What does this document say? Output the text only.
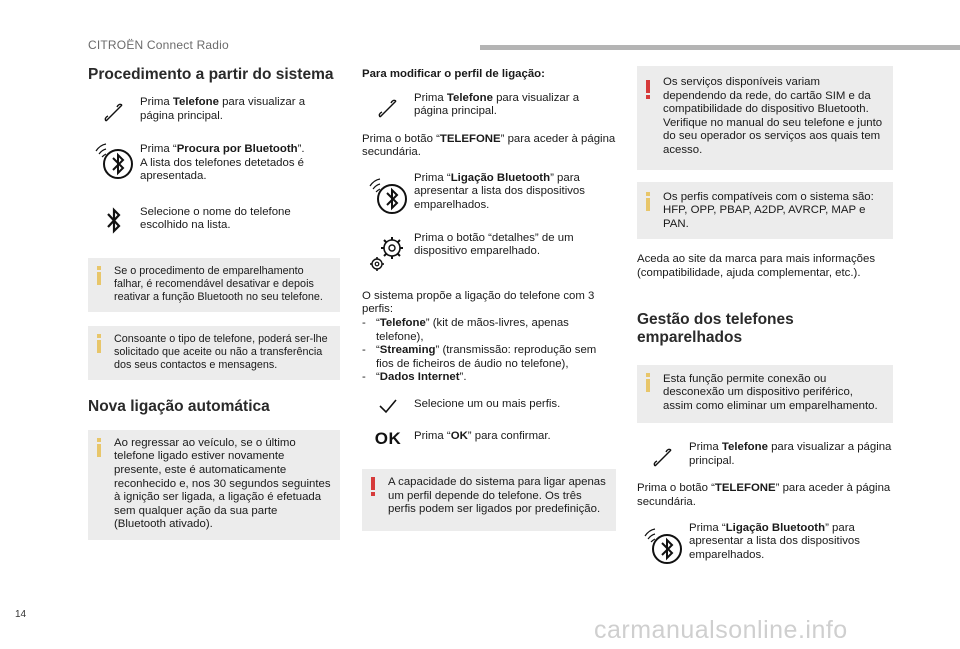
CITROËN Connect Radio
Procedimento a partir do sistema
Prima Telefone para visualizar a página principal.
Prima “Procura por Bluetooth”.
A lista dos telefones detetados é apresentada.
Selecione o nome do telefone escolhido na lista.
Se o procedimento de emparelhamento falhar, é recomendável desativar e depois reativar a função Bluetooth no seu telefone.
Consoante o tipo de telefone, poderá ser-lhe solicitado que aceite ou não a transferência dos seus contactos e mensagens.
Nova ligação automática
Ao regressar ao veículo, se o último telefone ligado estiver novamente presente, este é automaticamente reconhecido e, nos 30 segundos seguintes à ignição ser ligada, a ligação é efetuada sem qualquer ação da sua parte (Bluetooth ativado).
Para modificar o perfil de ligação:
Prima Telefone para visualizar a página principal.
Prima o botão “TELEFONE” para aceder à página secundária.
Prima “Ligação Bluetooth” para apresentar a lista dos dispositivos emparelhados.
Prima o botão “detalhes” de um dispositivo emparelhado.
O sistema propõe a ligação do telefone com 3 perfis:
- “Telefone” (kit de mãos-livres, apenas telefone),
- “Streaming” (transmissão: reprodução sem fios de ficheiros de áudio no telefone),
- “Dados Internet”.
Selecione um ou mais perfis.
OK Prima “OK” para confirmar.
A capacidade do sistema para ligar apenas um perfil depende do telefone. Os três perfis podem ser ligados por predefinição.
Os serviços disponíveis variam dependendo da rede, do cartão SIM e da compatibilidade do dispositivo Bluetooth. Verifique no manual do seu telefone e junto do seu operador os serviços aos quais tem acesso.
Os perfis compatíveis com o sistema são: HFP, OPP, PBAP, A2DP, AVRCP, MAP e PAN.
Aceda ao site da marca para mais informações (compatibilidade, ajuda complementar, etc.).
Gestão dos telefones emparelhados
Esta função permite conexão ou desconexão um dispositivo periférico, assim como eliminar um emparelhamento.
Prima Telefone para visualizar a página principal.
Prima o botão “TELEFONE” para aceder à página secundária.
Prima “Ligação Bluetooth” para apresentar a lista dos dispositivos emparelhados.
14
carmanualsonline.info
